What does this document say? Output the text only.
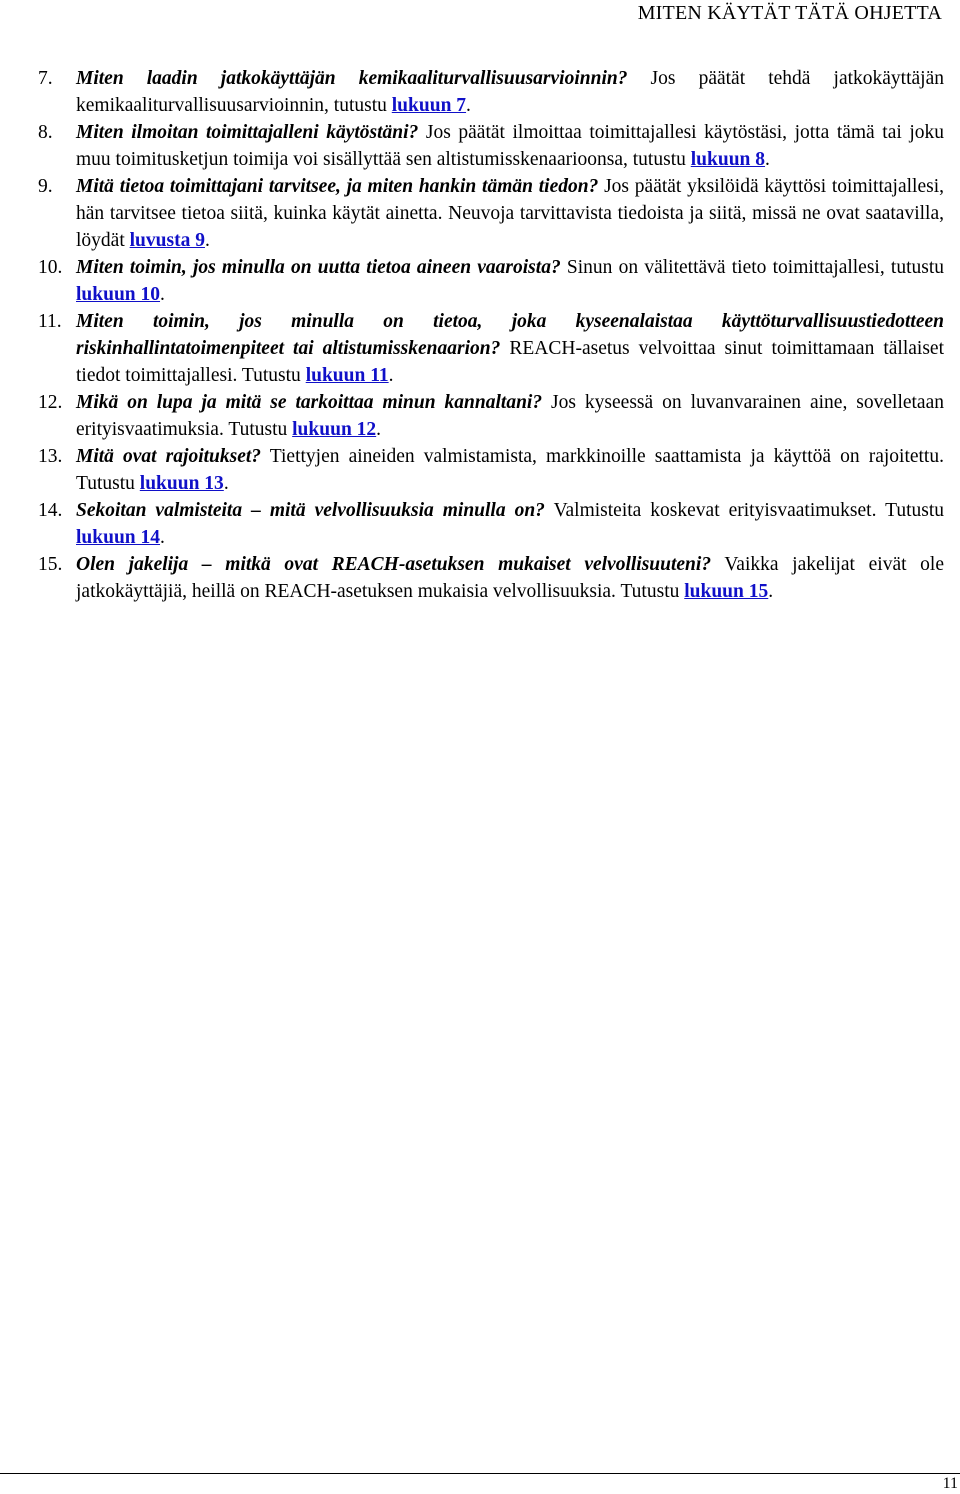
MITEN KÄYTÄT TÄTÄ OHJETTA
7.	Miten laadin jatkokäyttäjän kemikaaliturvallisuusarvioinnin? Jos päätät tehdä jatkokäyttäjän kemikaaliturvallisuusarvioinnin, tutustu lukuun 7.
8.	Miten ilmoitan toimittajalleni käytöstäni? Jos päätät ilmoittaa toimittajallesi käytöstäsi, jotta tämä tai joku muu toimitusketjun toimija voi sisällyttää sen altistumisskenaarioonsa, tutustu lukuun 8.
9.	Mitä tietoa toimittajani tarvitsee, ja miten hankin tämän tiedon? Jos päätät yksilöidä käyttösi toimittajallesi, hän tarvitsee tietoa siitä, kuinka käytät ainetta. Neuvoja tarvittavista tiedoista ja siitä, missä ne ovat saatavilla, löydät luvusta 9.
10. Miten toimin, jos minulla on uutta tietoa aineen vaaroista? Sinun on välitettävä tieto toimittajallesi, tutustu lukuun 10.
11. Miten toimin, jos minulla on tietoa, joka kyseenalaistaa käyttöturvallisuustiedotteen riskinhallintatoimenpiteet tai altistumisskenaarion? REACH-asetus velvoittaa sinut toimittamaan tällaiset tiedot toimittajallesi. Tutustu lukuun 11.
12. Mikä on lupa ja mitä se tarkoittaa minun kannaltani? Jos kyseessä on luvanvarainen aine, sovelletaan erityisvaatimuksia. Tutustu lukuun 12.
13. Mitä ovat rajoitukset? Tiettyjen aineiden valmistamista, markkinoille saattamista ja käyttöä on rajoitettu. Tutustu lukuun 13.
14. Sekoitan valmisteita – mitä velvollisuuksia minulla on? Valmisteita koskevat erityisvaatimukset. Tutustu lukuun 14.
15. Olen jakelija – mitkä ovat REACH-asetuksen mukaiset velvollisuuteni? Vaikka jakelijat eivät ole jatkokäyttäjiä, heillä on REACH-asetuksen mukaisia velvollisuuksia. Tutustu lukuun 15.
11
